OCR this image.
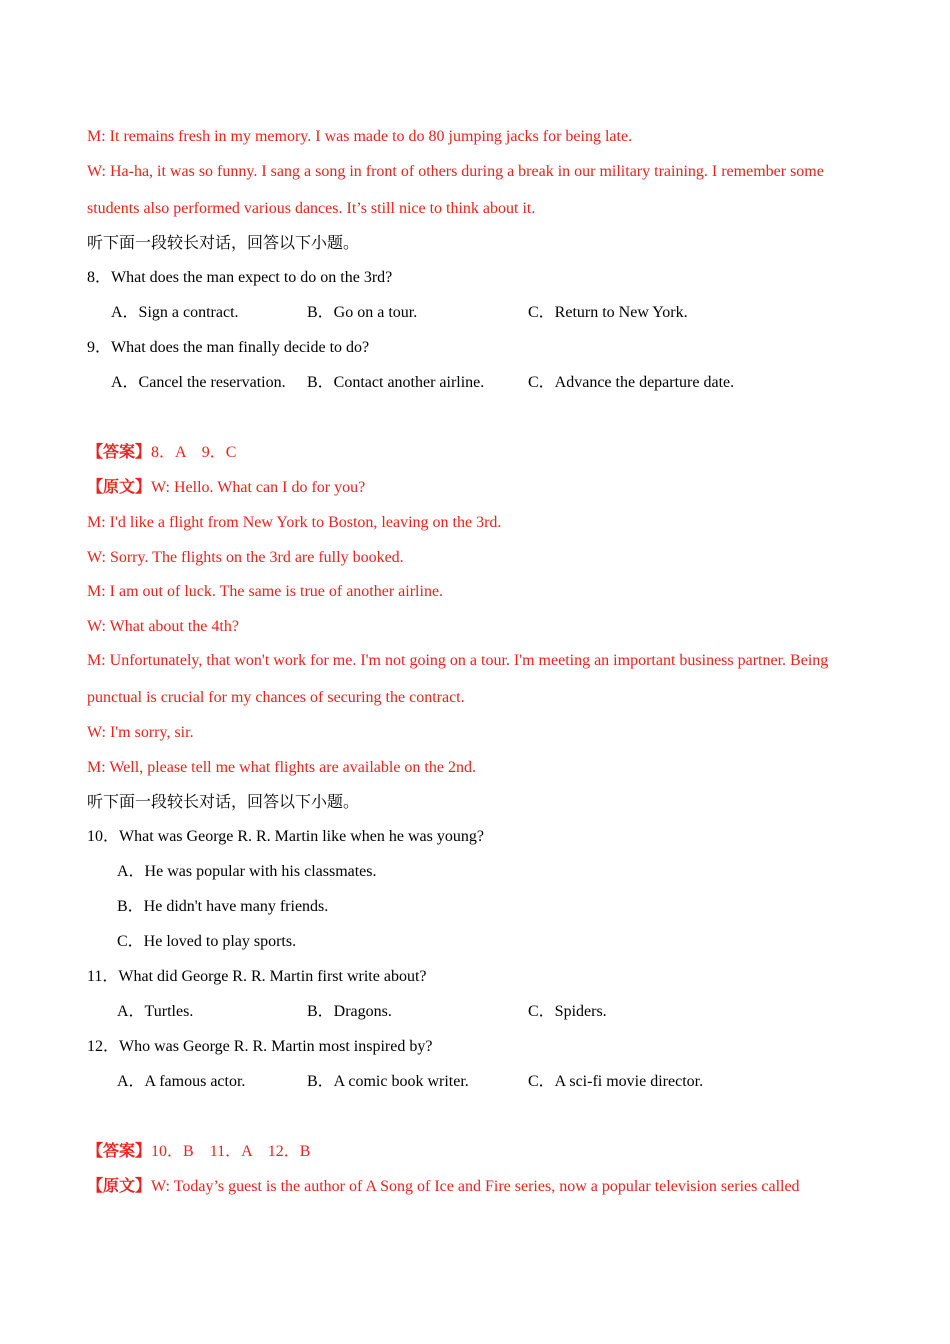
M: It remains fresh in my memory. I was made to do 80 jumping jacks for being late.
W: Ha-ha, it was so funny. I sang a song in front of others during a break in our military training. I remember some
students also performed various dances. It’s still nice to think about it.
听下面一段较长对话，回答以下小题。
8．What does the man expect to do on the 3rd?
A．Sign a contract.	B．Go on a tour.	C．Return to New York.
9．What does the man finally decide to do?
A．Cancel the reservation. B．Contact another airline.	C．Advance the departure date.
【答案】8．A　9．C
【原文】W: Hello. What can I do for you?
M: I'd like a flight from New York to Boston, leaving on the 3rd.
W: Sorry. The flights on the 3rd are fully booked.
M: I am out of luck. The same is true of another airline.
W: What about the 4th?
M: Unfortunately, that won't work for me. I'm not going on a tour. I'm meeting an important business partner. Being
punctual is crucial for my chances of securing the contract.
W: I'm sorry, sir.
M: Well, please tell me what flights are available on the 2nd.
听下面一段较长对话，回答以下小题。
10．What was George R. R. Martin like when he was young?
A．He was popular with his classmates.
B．He didn't have many friends.
C．He loved to play sports.
11．What did George R. R. Martin first write about?
A．Turtles.	B．Dragons.	C．Spiders.
12．Who was George R. R. Martin most inspired by?
A．A famous actor.	B．A comic book writer.	C．A sci-fi movie director.
【答案】10．B　11．A　12．B
【原文】W: Today’s guest is the author of A Song of Ice and Fire series, now a popular television series called
